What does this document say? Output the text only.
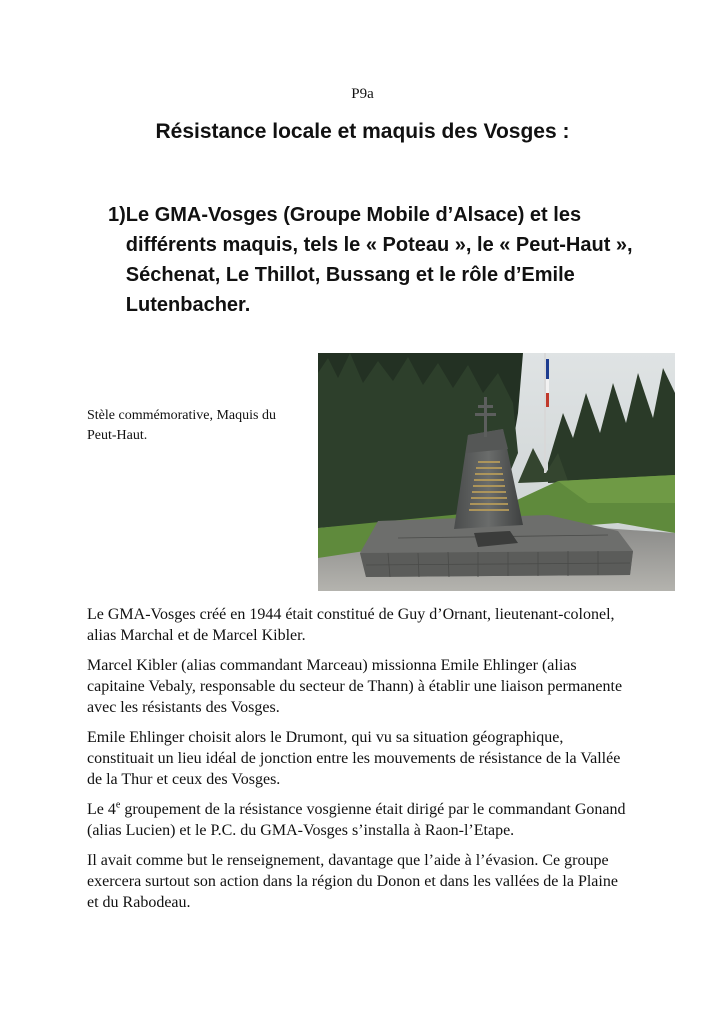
P9a
Résistance locale et maquis des Vosges :
1) Le GMA-Vosges (Groupe Mobile d’Alsace) et les différents maquis, tels le « Poteau », le « Peut-Haut », Séchenat, Le Thillot, Bussang et le rôle d’Emile Lutenbacher.
Stèle commémorative, Maquis du Peut-Haut.

Le GMA-Vosges créé en 1944 était constitué de Guy d’Ornant, lieutenant-colonel, alias Marchal et de Marcel Kibler.

Marcel Kibler (alias commandant Marceau) missionna Emile Ehlinger (alias capitaine Vebaly, responsable du secteur de Thann) à établir une liaison permanente avec les résistants des Vosges.

Emile Ehlinger choisit alors le Drumont, qui vu sa situation géographique, constituait un lieu idéal de jonction entre les mouvements de résistance de la Vallée de la Thur et ceux des Vosges.

Le 4e groupement de la résistance vosgienne était dirigé par le commandant Gonand (alias Lucien) et le P.C. du GMA-Vosges s’installa à Raon-l’Etape.

Il avait comme but le renseignement, davantage que l’aide à l’évasion. Ce groupe exercera surtout son action dans la région du Donon et dans les vallées de la Plaine et du Rabodeau.
